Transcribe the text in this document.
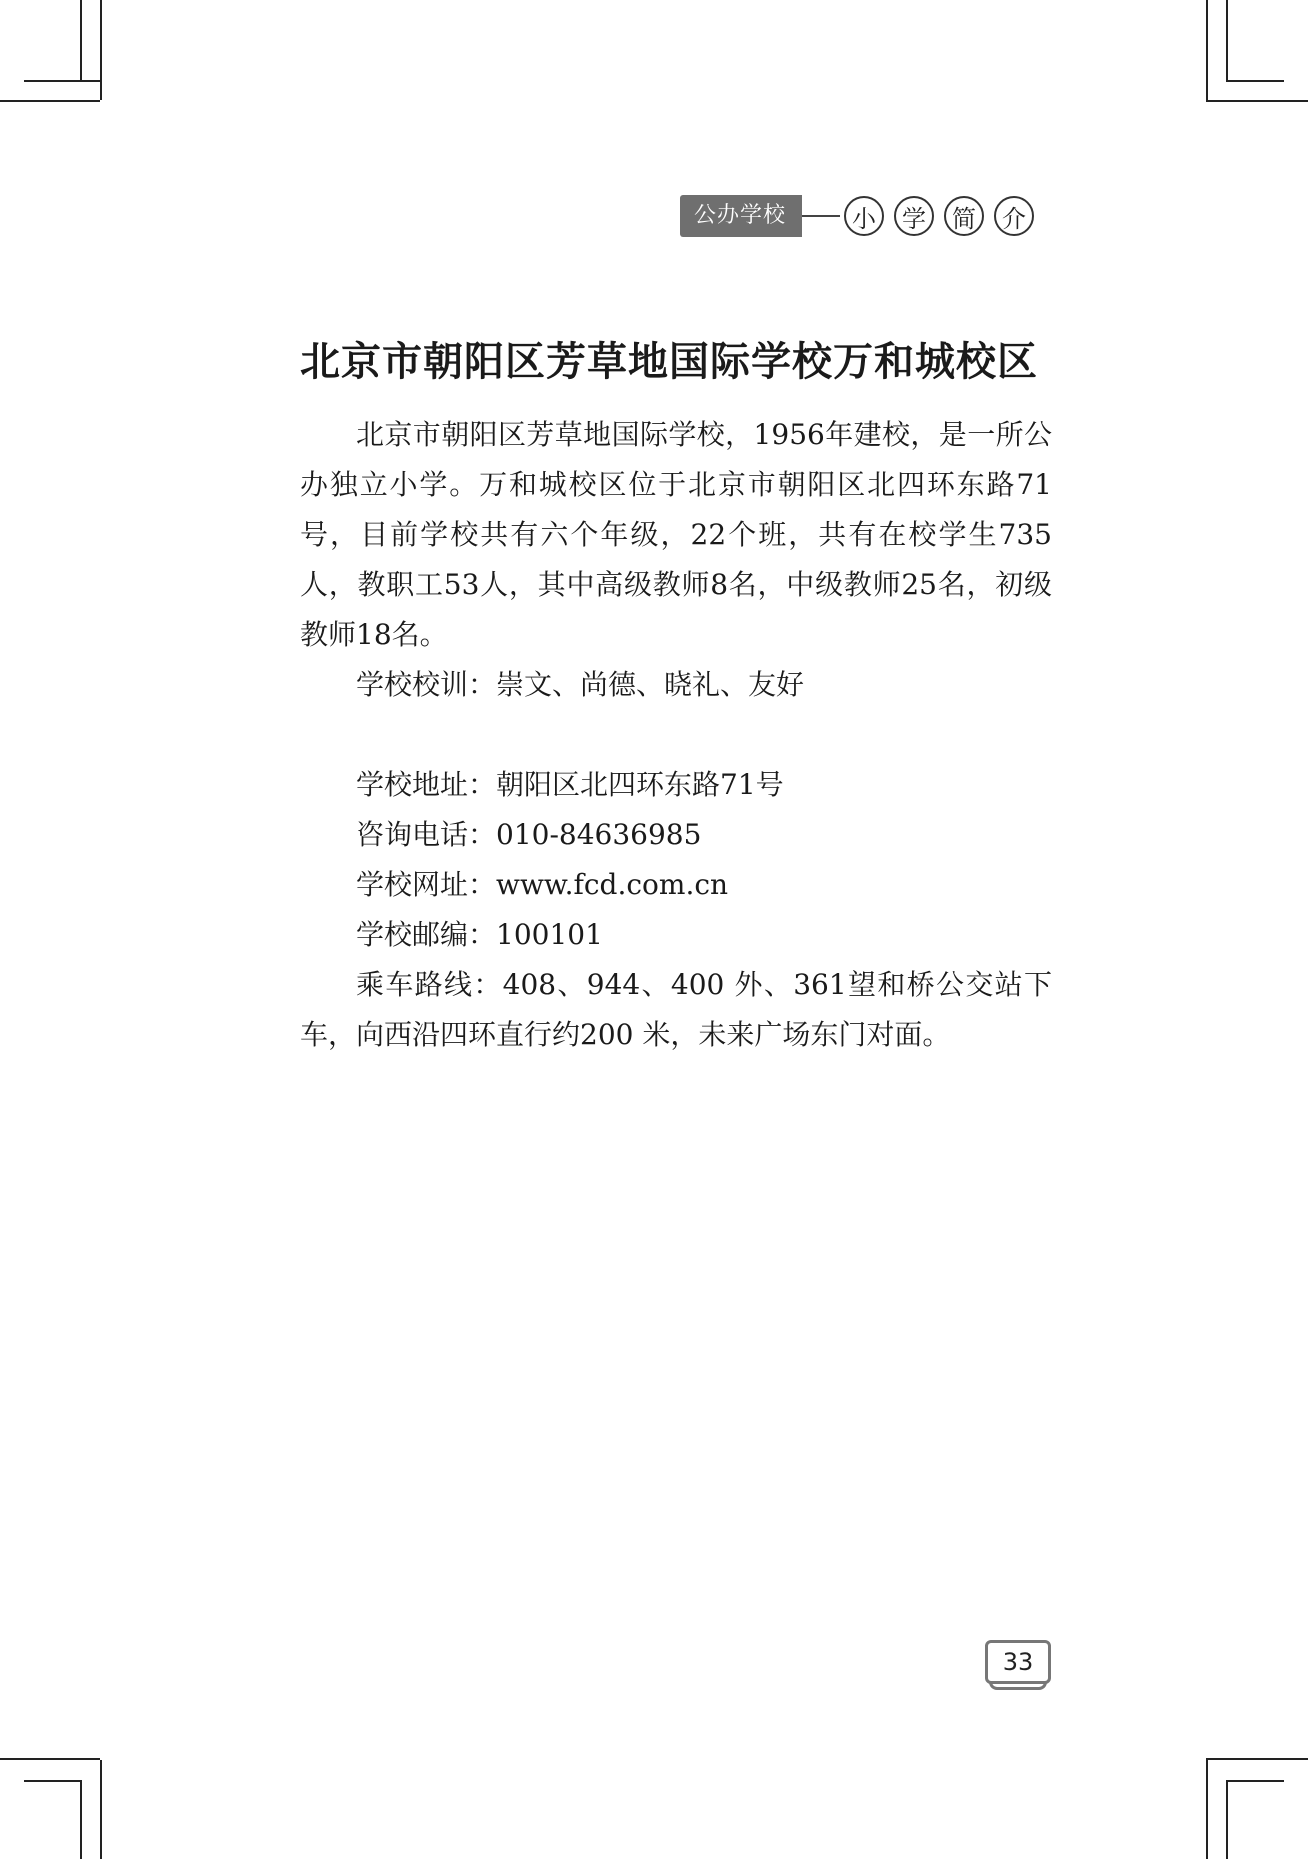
公办学校	小	学	简	介
北京市朝阳区芳草地国际学校万和城校区

北京市朝阳区芳草地国际学校，1956年建校，是一所公办独立小学。万和城校区位于北京市朝阳区北四环东路71号，目前学校共有六个年级，22个班，共有在校学生735人，教职工53人，其中高级教师8名，中级教师25名，初级教师18名。

学校校训：崇文、尚德、晓礼、友好

学校地址：朝阳区北四环东路71号

咨询电话：010-84636985

学校网址：www.fcd.com.cn

学校邮编：100101

乘车路线：408、944、400 外、361望和桥公交站下车，向西沿四环直行约200 米，未来广场东门对面。

33
